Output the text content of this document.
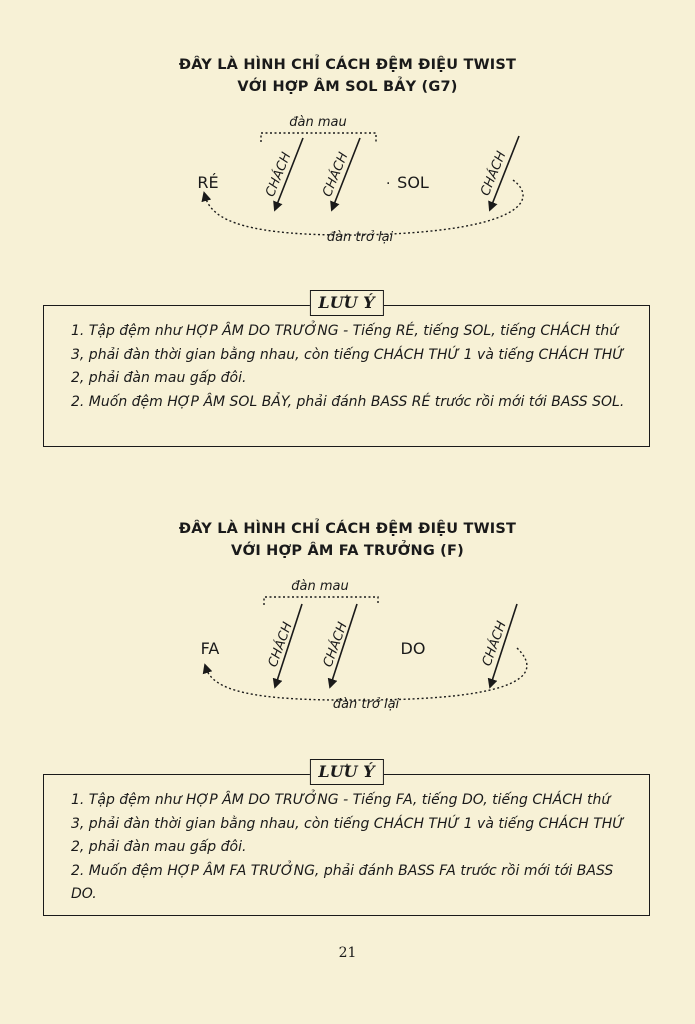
ĐÂY LÀ HÌNH CHỈ CÁCH ĐỆM ĐIỆU TWIST
VỚI HỢP ÂM SOL BẢY (G7)
đàn mau
RÉ	CHÁCH CHÁCH	SOL
·	CHÁCH
đàn trở lại
đàn mau
FA	CHÁCH CHÁCH	DO	CHÁCH
đàn trở lại
LƯU Ý

1. Tập đệm như HỢP ÂM DO TRƯỞNG - Tiếng RÉ, tiếng SOL, tiếng CHÁCH thứ 3, phải đàn thời gian bằng nhau, còn tiếng CHÁCH THỨ 1 và tiếng CHÁCH THỨ 2, phải đàn mau gấp đôi.

2. Muốn đệm HỢP ÂM SOL BẢY, phải đánh BASS RÉ trước rồi mới tới BASS SOL.

ĐÂY LÀ HÌNH CHỈ CÁCH ĐỆM ĐIỆU TWIST
VỚI HỢP ÂM FA TRƯỞNG (F)
LƯU Ý

1. Tập đệm như HỢP ÂM DO TRƯỞNG - Tiếng FA, tiếng DO, tiếng CHÁCH thứ 3, phải đàn thời gian bằng nhau, còn tiếng CHÁCH THỨ 1 và tiếng CHÁCH THỨ 2, phải đàn mau gấp đôi.

2. Muốn đệm HỢP ÂM FA TRƯỞNG, phải đánh BASS FA trước rồi mới tới BASS DO.

21
